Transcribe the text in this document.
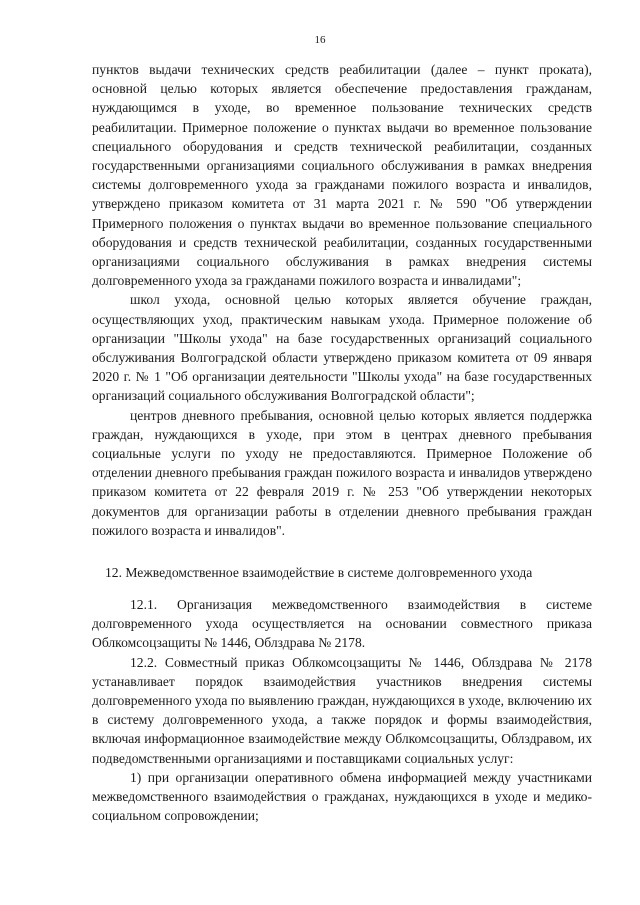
16

пунктов выдачи технических средств реабилитации (далее – пункт проката), основной целью которых является обеспечение предоставления гражданам, нуждающимся в уходе, во временное пользование технических средств реабилитации. Примерное положение о пунктах выдачи во временное пользование специального оборудования и средств технической реабилитации, созданных государственными организациями социального обслуживания в рамках внедрения системы долговременного ухода за гражданами пожилого возраста и инвалидов, утверждено приказом комитета от 31 марта 2021 г. № 590 "Об утверждении Примерного положения о пунктах выдачи во временное пользование специального оборудования и средств технической реабилитации, созданных государственными организациями социального обслуживания в рамках внедрения системы долговременного ухода за гражданами пожилого возраста и инвалидами";

школ ухода, основной целью которых является обучение граждан, осуществляющих уход, практическим навыкам ухода. Примерное положение об организации "Школы ухода" на базе государственных организаций социального обслуживания Волгоградской области утверждено приказом комитета от 09 января 2020 г. № 1 "Об организации деятельности "Школы ухода" на базе государственных организаций социального обслуживания Волгоградской области";

центров дневного пребывания, основной целью которых является поддержка граждан, нуждающихся в уходе, при этом в центрах дневного пребывания социальные услуги по уходу не предоставляются. Примерное Положение об отделении дневного пребывания граждан пожилого возраста и инвалидов утверждено приказом комитета от 22 февраля 2019 г. № 253 "Об утверждении некоторых документов для организации работы в отделении дневного пребывания граждан пожилого возраста и инвалидов".

12. Межведомственное взаимодействие в системе долговременного ухода

12.1. Организация межведомственного взаимодействия в системе долговременного ухода осуществляется на основании совместного приказа Облкомсоцзащиты № 1446, Облздрава № 2178.

12.2. Совместный приказ Облкомсоцзащиты № 1446, Облздрава № 2178 устанавливает порядок взаимодействия участников внедрения системы долговременного ухода по выявлению граждан, нуждающихся в уходе, включению их в систему долговременного ухода, а также порядок и формы взаимодействия, включая информационное взаимодействие между Облкомсоцзащиты, Облздравом, их подведомственными организациями и поставщиками социальных услуг:

1) при организации оперативного обмена информацией между участниками межведомственного взаимодействия о гражданах, нуждающихся в уходе и медико-социальном сопровождении;
